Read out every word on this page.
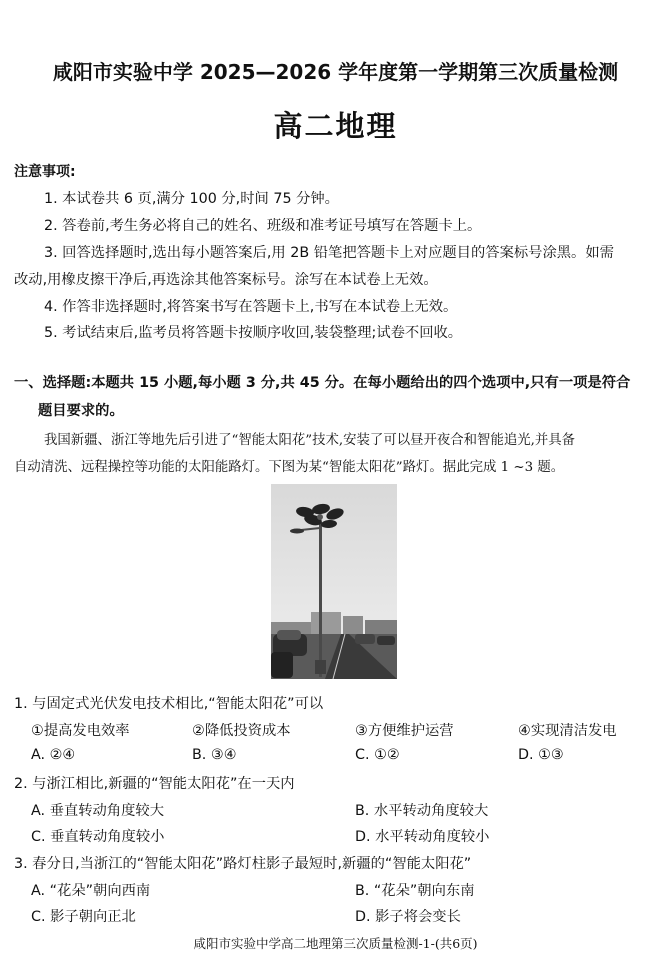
咸阳市实验中学 2025—2026 学年度第一学期第三次质量检测
高二地理
注意事项:
1. 本试卷共 6 页,满分 100 分,时间 75 分钟。
2. 答卷前,考生务必将自己的姓名、班级和准考证号填写在答题卡上。
3. 回答选择题时,选出每小题答案后,用 2B 铅笔把答题卡上对应题目的答案标号涂黑。如需
改动,用橡皮擦干净后,再选涂其他答案标号。涂写在本试卷上无效。
4. 作答非选择题时,将答案书写在答题卡上,书写在本试卷上无效。
5. 考试结束后,监考员将答题卡按顺序收回,装袋整理;试卷不回收。
一、选择题:本题共 15 小题,每小题 3 分,共 45 分。在每小题给出的四个选项中,只有一项是符合
题目要求的。
我国新疆、浙江等地先后引进了“智能太阳花”技术,安装了可以昼开夜合和智能追光,并具备
自动清洗、远程操控等功能的太阳能路灯。下图为某“智能太阳花”路灯。据此完成 1 ~3 题。
1. 与固定式光伏发电技术相比,“智能太阳花”可以
①提高发电效率	②降低投资成本	③方便维护运营	④实现清洁发电
A. ②④	B. ③④	C. ①②	D. ①③
2. 与浙江相比,新疆的“智能太阳花”在一天内
A. 垂直转动角度较大	B. 水平转动角度较大
C. 垂直转动角度较小	D. 水平转动角度较小
3. 春分日,当浙江的“智能太阳花”路灯柱影子最短时,新疆的“智能太阳花”
A. “花朵”朝向西南	B. “花朵”朝向东南
C. 影子朝向正北	D. 影子将会变长
咸阳市实验中学高二地理第三次质量检测-1-(共6页)
